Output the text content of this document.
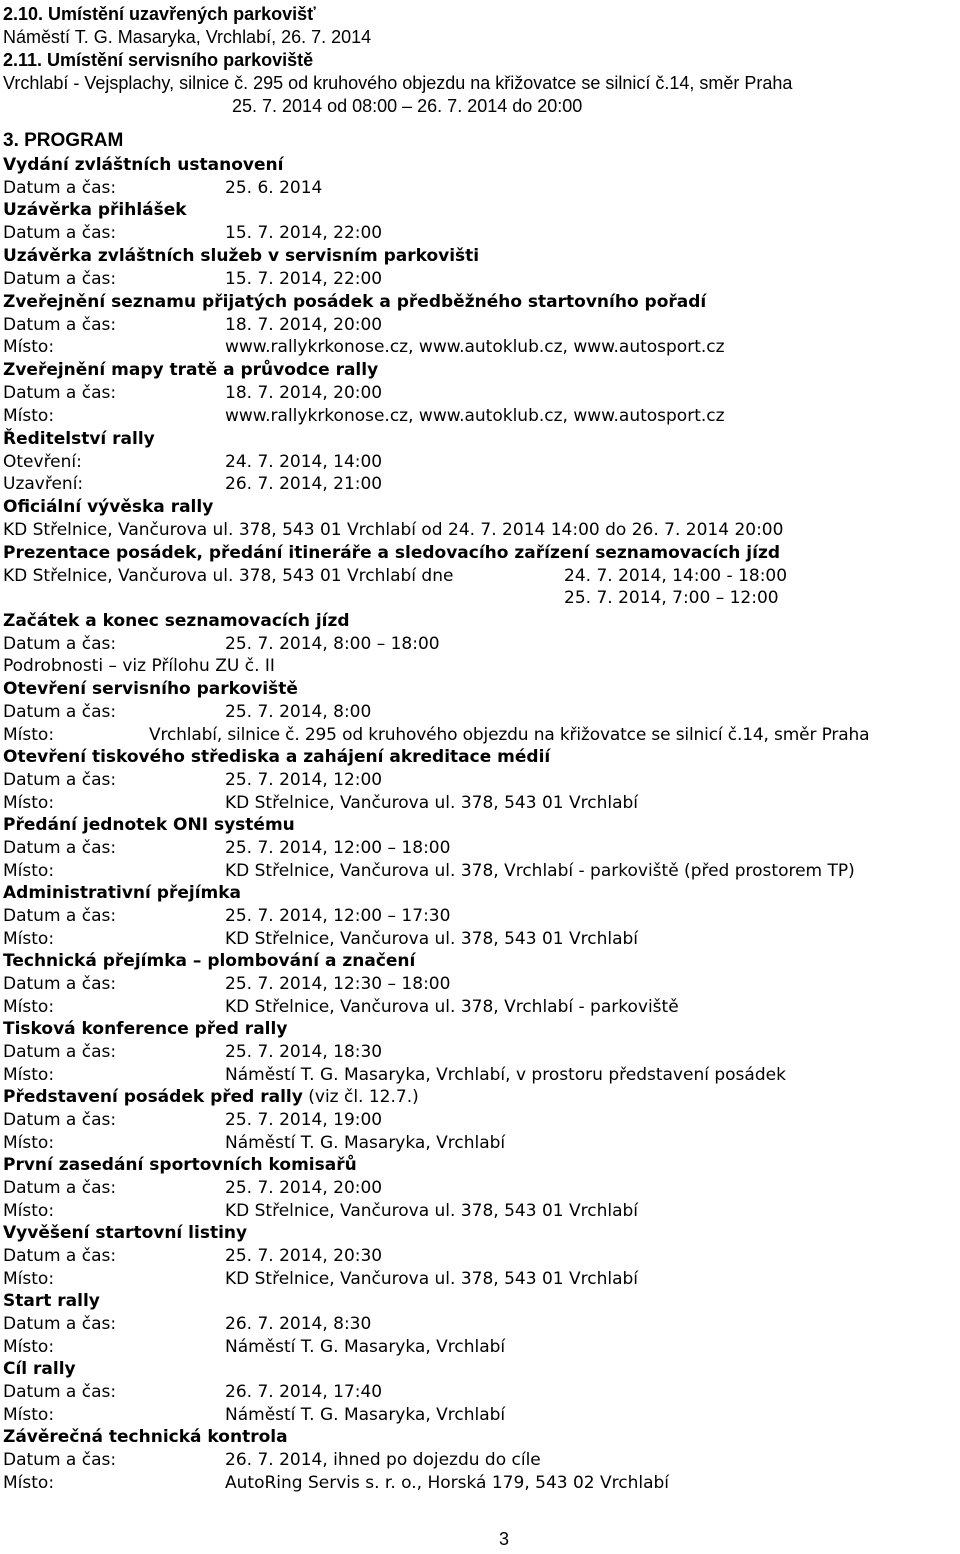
2.10. Umístění uzavřených parkovišť
Náměstí T. G. Masaryka, Vrchlabí, 26. 7. 2014
2.11. Umístění servisního parkoviště
Vrchlabí - Vejsplachy, silnice č. 295 od kruhového objezdu na křižovatce se silnicí č.14, směr Praha
25. 7. 2014 od 08:00 – 26. 7. 2014 do 20:00
3. PROGRAM
Vydání zvláštních ustanovení
Datum a čas:	25. 6. 2014
Uzávěrka přihlášek
Datum a čas:	15. 7. 2014, 22:00
Uzávěrka zvláštních služeb v servisním parkovišti
Datum a čas:	15. 7. 2014, 22:00
Zveřejnění seznamu přijatých posádek a předběžného startovního pořadí
Datum a čas:	18. 7. 2014, 20:00
Místo:	www.rallykrkonose.cz, www.autoklub.cz, www.autosport.cz
Zveřejnění mapy tratě a průvodce rally
Datum a čas:	18. 7. 2014, 20:00
Místo:	www.rallykrkonose.cz, www.autoklub.cz, www.autosport.cz
Ředitelství rally
Otevření:	24. 7. 2014, 14:00
Uzavření:	26. 7. 2014, 21:00
Oficiální vývěska rally
KD Střelnice, Vančurova ul. 378, 543 01 Vrchlabí od 24. 7. 2014 14:00 do 26. 7. 2014 20:00
Prezentace posádek, předání itineráře a sledovacího zařízení seznamovacích jízd
KD Střelnice, Vančurova ul. 378, 543 01 Vrchlabí dne	24. 7. 2014, 14:00 - 18:00
25. 7. 2014, 7:00 – 12:00
Začátek a konec seznamovacích jízd
Datum a čas:	25. 7. 2014, 8:00 – 18:00
Podrobnosti – viz Přílohu ZU č. II
Otevření servisního parkoviště
Datum a čas:	25. 7. 2014, 8:00
Místo:	Vrchlabí, silnice č. 295 od kruhového objezdu na křižovatce se silnicí č.14, směr Praha
Otevření tiskového střediska a zahájení akreditace médií
Datum a čas:	25. 7. 2014, 12:00
Místo:	KD Střelnice, Vančurova ul. 378, 543 01 Vrchlabí
Předání jednotek ONI systému
Datum a čas:	25. 7. 2014, 12:00 – 18:00
Místo:	KD Střelnice, Vančurova ul. 378, Vrchlabí - parkoviště (před prostorem TP)
Administrativní přejímka
Datum a čas:	25. 7. 2014, 12:00 – 17:30
Místo:	KD Střelnice, Vančurova ul. 378, 543 01 Vrchlabí
Technická přejímka – plombování a značení
Datum a čas:	25. 7. 2014, 12:30 – 18:00
Místo:	KD Střelnice, Vančurova ul. 378, Vrchlabí - parkoviště
Tisková konference před rally
Datum a čas:	25. 7. 2014, 18:30
Místo:	Náměstí T. G. Masaryka, Vrchlabí, v prostoru představení posádek
Představení posádek před rally (viz čl. 12.7.)
Datum a čas:	25. 7. 2014, 19:00
Místo:	Náměstí T. G. Masaryka, Vrchlabí
První zasedání sportovních komisařů
Datum a čas:	25. 7. 2014, 20:00
Místo:	KD Střelnice, Vančurova ul. 378, 543 01 Vrchlabí
Vyvěšení startovní listiny
Datum a čas:	25. 7. 2014, 20:30
Místo:	KD Střelnice, Vančurova ul. 378, 543 01 Vrchlabí
Start rally
Datum a čas:	26. 7. 2014, 8:30
Místo:	Náměstí T. G. Masaryka, Vrchlabí
Cíl rally
Datum a čas:	26. 7. 2014, 17:40
Místo:	Náměstí T. G. Masaryka, Vrchlabí
Závěrečná technická kontrola
Datum a čas:	26. 7. 2014, ihned po dojezdu do cíle
Místo:	AutoRing Servis s. r. o., Horská 179, 543 02 Vrchlabí
3
